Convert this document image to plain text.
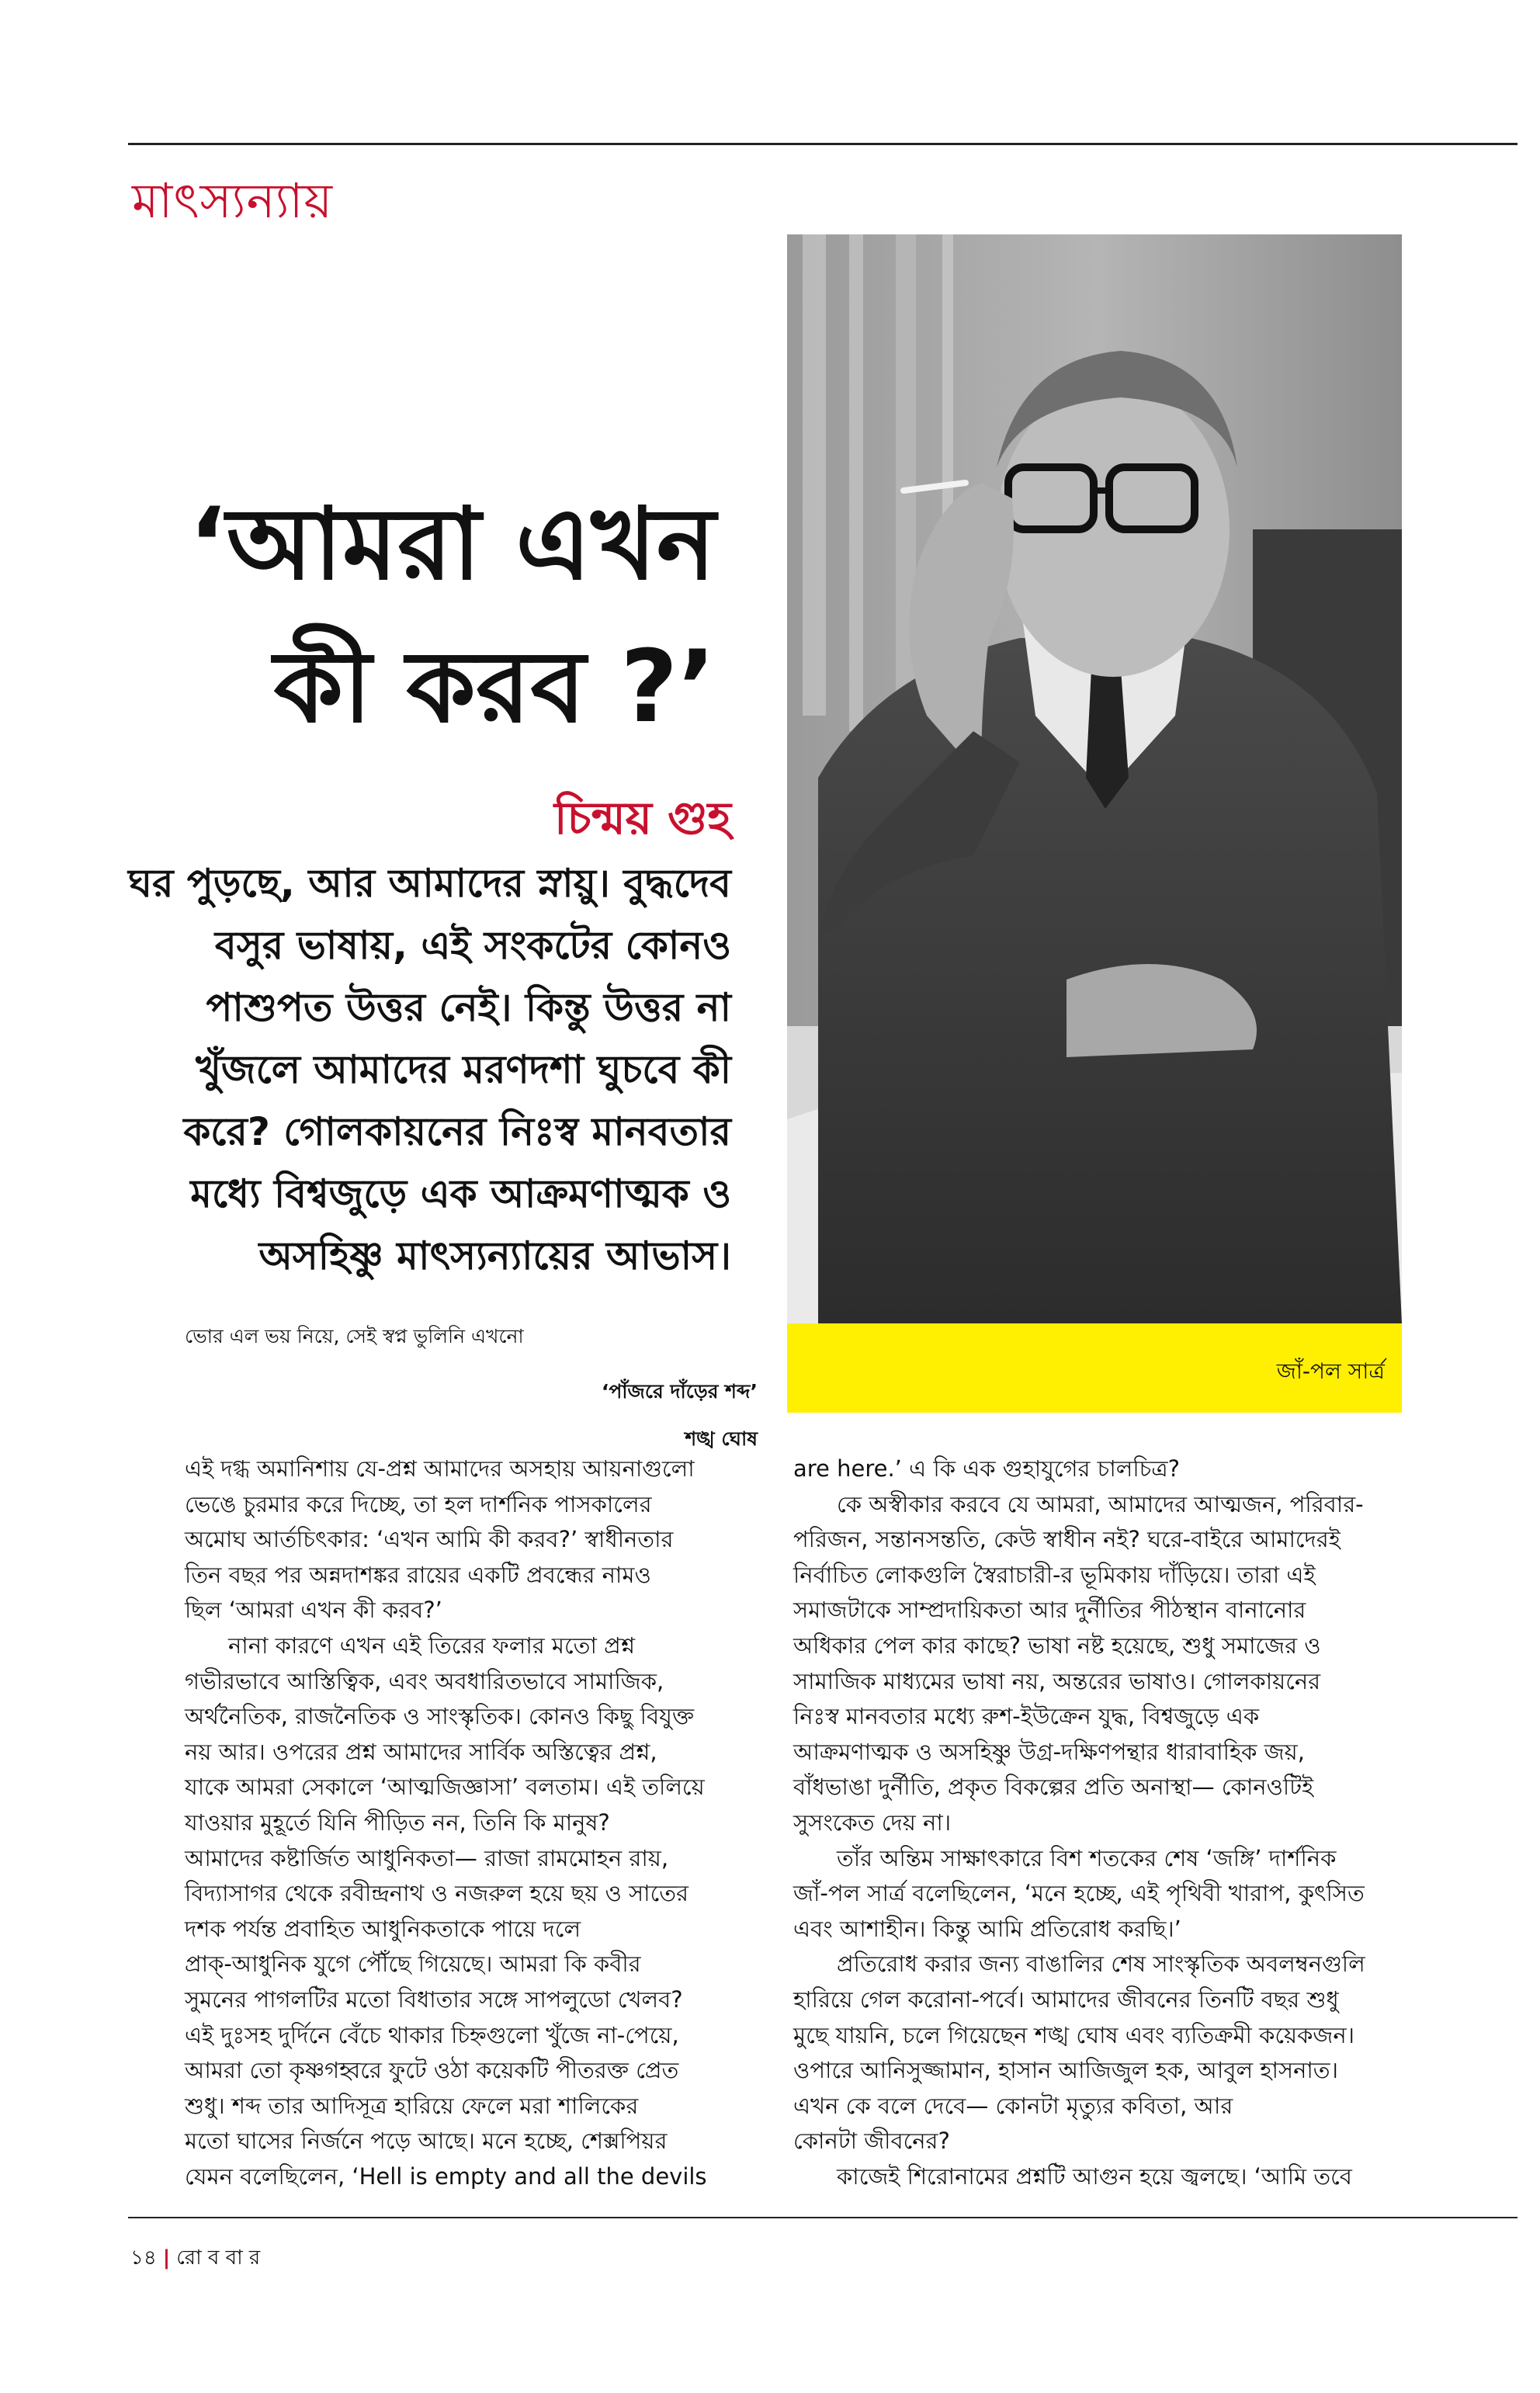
মাৎস্যন্যায়
জাঁ-পল সার্ত্র
‘আমরা এখন
কী করব ?’
চিন্ময় গুহ
ঘর পুড়ছে, আর আমাদের স্নায়ু। বুদ্ধদেব
বসুর ভাষায়, এই সংকটের কোনও
পাশুপত উত্তর নেই। কিন্তু উত্তর না
খুঁজলে আমাদের মরণদশা ঘুচবে কী
করে? গোলকায়নের নিঃস্ব মানবতার
মধ্যে বিশ্বজুড়ে এক আক্রমণাত্মক ও
অসহিষ্ণু মাৎস্যন্যায়ের আভাস।
ভোর এল ভয় নিয়ে, সেই স্বপ্ন ভুলিনি এখনো
‘পাঁজরে দাঁড়ের শব্দ’
শঙ্খ ঘোষ
এই দগ্ধ অমানিশায় যে-প্রশ্ন আমাদের অসহায় আয়নাগুলো
ভেঙে চুরমার করে দিচ্ছে, তা হল দার্শনিক পাসকালের
অমোঘ আর্তচিৎকার: ‘এখন আমি কী করব?’ স্বাধীনতার
তিন বছর পর অন্নদাশঙ্কর রায়ের একটি প্রবন্ধের নামও
ছিল ‘আমরা এখন কী করব?’
নানা কারণে এখন এই তিরের ফলার মতো প্রশ্ন
গভীরভাবে আস্তিত্বিক, এবং অবধারিতভাবে সামাজিক,
অর্থনৈতিক, রাজনৈতিক ও সাংস্কৃতিক। কোনও কিছু বিযুক্ত
নয় আর। ওপরের প্রশ্ন আমাদের সার্বিক অস্তিত্বের প্রশ্ন,
যাকে আমরা সেকালে ‘আত্মজিজ্ঞাসা’ বলতাম। এই তলিয়ে
যাওয়ার মুহূর্তে যিনি পীড়িত নন, তিনি কি মানুষ?
আমাদের কষ্টার্জিত আধুনিকতা— রাজা রামমোহন রায়,
বিদ্যাসাগর থেকে রবীন্দ্রনাথ ও নজরুল হয়ে ছয় ও সাতের
দশক পর্যন্ত প্রবাহিত আধুনিকতাকে পায়ে দলে
প্রাক্-আধুনিক যুগে পৌঁছে গিয়েছে। আমরা কি কবীর
সুমনের পাগলটির মতো বিধাতার সঙ্গে সাপলুডো খেলব?
এই দুঃসহ দুর্দিনে বেঁচে থাকার চিহ্নগুলো খুঁজে না-পেয়ে,
আমরা তো কৃষ্ণগহ্বরে ফুটে ওঠা কয়েকটি পীতরক্ত প্রেত
শুধু। শব্দ তার আদিসূত্র হারিয়ে ফেলে মরা শালিকের
মতো ঘাসের নির্জনে পড়ে আছে। মনে হচ্ছে, শেক্সপিয়র
যেমন বলেছিলেন, ‘Hell is empty and all the devils
are here.’ এ কি এক গুহাযুগের চালচিত্র?
কে অস্বীকার করবে যে আমরা, আমাদের আত্মজন, পরিবার-
পরিজন, সন্তানসন্ততি, কেউ স্বাধীন নই? ঘরে-বাইরে আমাদেরই
নির্বাচিত লোকগুলি স্বৈরাচারী-র ভূমিকায় দাঁড়িয়ে। তারা এই
সমাজটাকে সাম্প্রদায়িকতা আর দুর্নীতির পীঠস্থান বানানোর
অধিকার পেল কার কাছে? ভাষা নষ্ট হয়েছে, শুধু সমাজের ও
সামাজিক মাধ্যমের ভাষা নয়, অন্তরের ভাষাও। গোলকায়নের
নিঃস্ব মানবতার মধ্যে রুশ-ইউক্রেন যুদ্ধ, বিশ্বজুড়ে এক
আক্রমণাত্মক ও অসহিষ্ণু উগ্র-দক্ষিণপন্থার ধারাবাহিক জয়,
বাঁধভাঙা দুর্নীতি, প্রকৃত বিকল্পের প্রতি অনাস্থা— কোনওটিই
সুসংকেত দেয় না।
তাঁর অন্তিম সাক্ষাৎকারে বিশ শতকের শেষ ‘জঙ্গি’ দার্শনিক
জাঁ-পল সার্ত্র বলেছিলেন, ‘মনে হচ্ছে, এই পৃথিবী খারাপ, কুৎসিত
এবং আশাহীন। কিন্তু আমি প্রতিরোধ করছি।’
প্রতিরোধ করার জন্য বাঙালির শেষ সাংস্কৃতিক অবলম্বনগুলি
হারিয়ে গেল করোনা-পর্বে। আমাদের জীবনের তিনটি বছর শুধু
মুছে যায়নি, চলে গিয়েছেন শঙ্খ ঘোষ এবং ব্যতিক্রমী কয়েকজন।
ওপারে আনিসুজ্জামান, হাসান আজিজুল হক, আবুল হাসনাত।
এখন কে বলে দেবে— কোনটা মৃত্যুর কবিতা, আর
কোনটা জীবনের?
কাজেই শিরোনামের প্রশ্নটি আগুন হয়ে জ্বলছে। ‘আমি তবে
১৪ | রো ব বা র
